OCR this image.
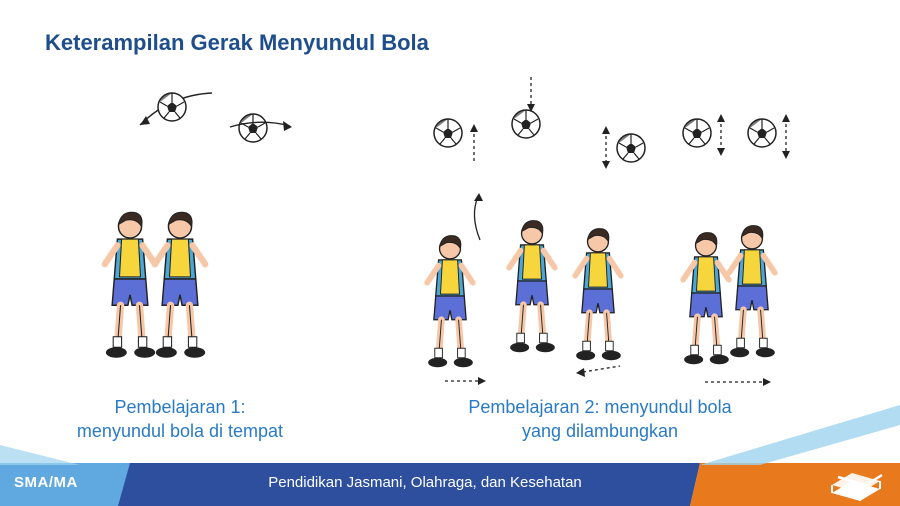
Keterampilan Gerak Menyundul Bola
Pembelajaran 1:
menyundul bola di tempat
Pembelajaran 2: menyundul bola
yang dilambungkan
SMA/MA	Pendidikan Jasmani, Olahraga, dan Kesehatan
